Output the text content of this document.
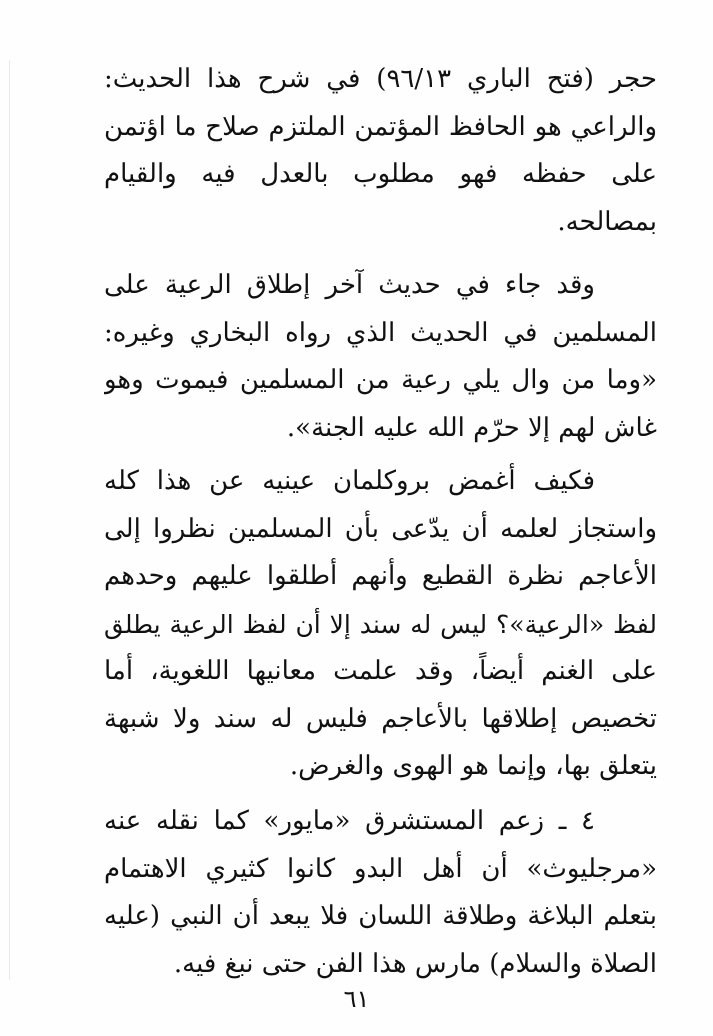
حجر (فتح الباري ٩٦/١٣) في شرح هذا الحديث:
والراعي هو الحافظ المؤتمن الملتزم صلاح ما اؤتمن
على حفظه فهو مطلوب بالعدل فيه والقيام
بمصالحه.
وقد جاء في حديث آخر إطلاق الرعية على
المسلمين في الحديث الذي رواه البخاري وغيره:
«وما من وال يلي رعية من المسلمين فيموت وهو
غاش لهم إلا حرّم الله عليه الجنة».
فكيف أغمض بروكلمان عينيه عن هذا كله
واستجاز لعلمه أن يدّعى بأن المسلمين نظروا إلى
الأعاجم نظرة القطيع وأنهم أطلقوا عليهم وحدهم
لفظ «الرعية»؟ ليس له سند إلا أن لفظ الرعية يطلق
على الغنم أيضاً، وقد علمت معانيها اللغوية، أما
تخصيص إطلاقها بالأعاجم فليس له سند ولا شبهة
يتعلق بها، وإنما هو الهوى والغرض.
٤ ـ زعم المستشرق «مايور» كما نقله عنه
«مرجليوث» أن أهل البدو كانوا كثيري الاهتمام
بتعلم البلاغة وطلاقة اللسان فلا يبعد أن النبي (عليه
الصلاة والسلام) مارس هذا الفن حتى نبغ فيه.
٦١
